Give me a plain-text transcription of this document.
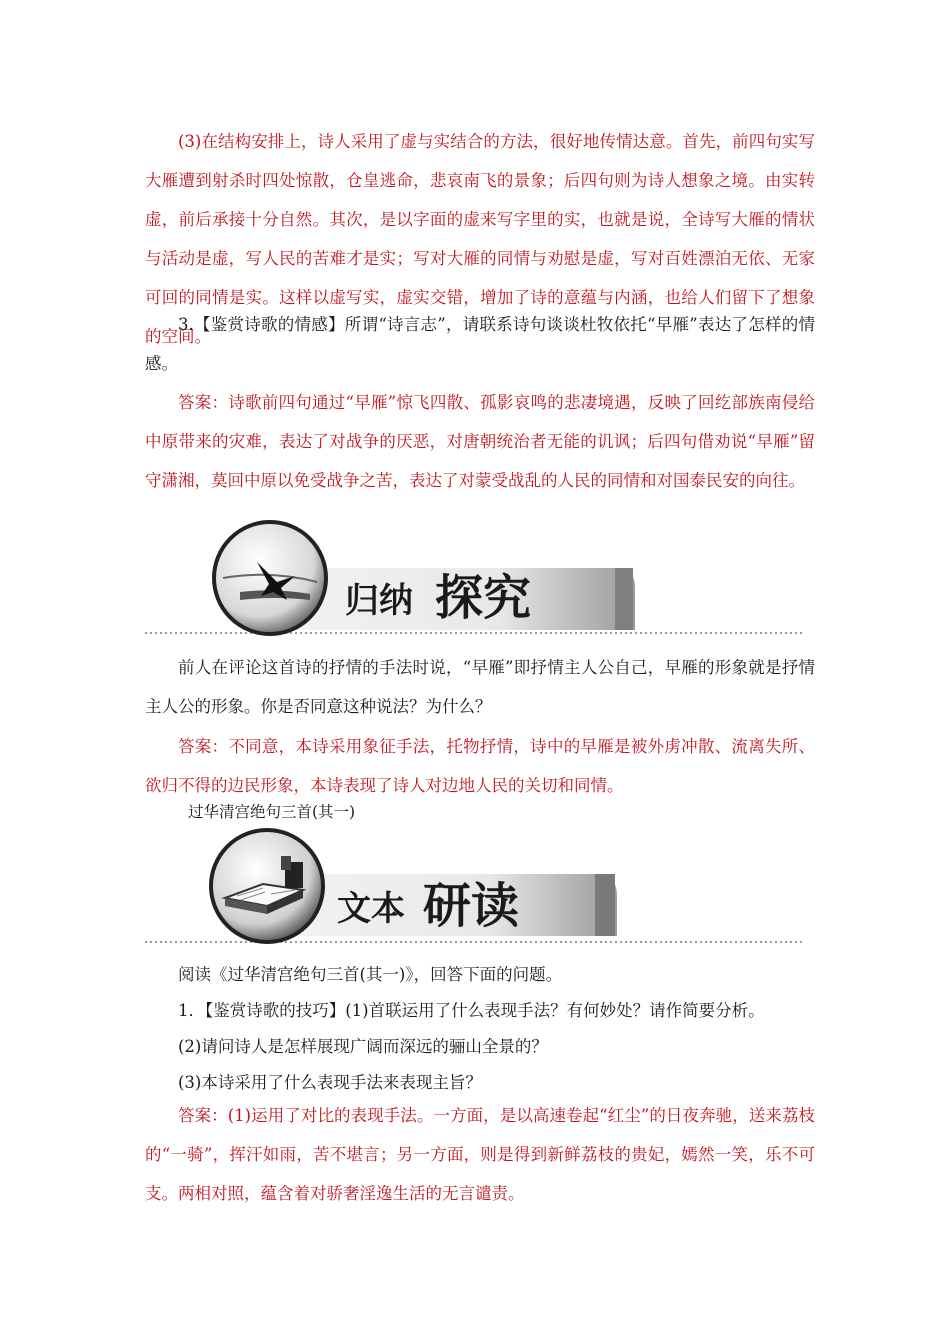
(3)在结构安排上，诗人采用了虚与实结合的方法，很好地传情达意。首先，前四句实写大雁遭到射杀时四处惊散，仓皇逃命，悲哀南飞的景象；后四句则为诗人想象之境。由实转虚，前后承接十分自然。其次，是以字面的虚来写字里的实，也就是说，全诗写大雁的情状与活动是虚，写人民的苦难才是实；写对大雁的同情与劝慰是虚，写对百姓漂泊无依、无家可回的同情是实。这样以虚写实，虚实交错，增加了诗的意蕴与内涵，也给人们留下了想象的空间。

3.【鉴赏诗歌的情感】所谓“诗言志”，请联系诗句谈谈杜牧依托“早雁”表达了怎样的情感。

答案：诗歌前四句通过“早雁”惊飞四散、孤影哀鸣的悲凄境遇，反映了回纥部族南侵给中原带来的灾难，表达了对战争的厌恶，对唐朝统治者无能的讥讽；后四句借劝说“早雁”留守潇湘，莫回中原以免受战争之苦，表达了对蒙受战乱的人民的同情和对国泰民安的向往。

归纳 探究

前人在评论这首诗的抒情的手法时说，“早雁”即抒情主人公自己，早雁的形象就是抒情主人公的形象。你是否同意这种说法？为什么？

答案：不同意，本诗采用象征手法，托物抒情，诗中的早雁是被外虏冲散、流离失所、欲归不得的边民形象，本诗表现了诗人对边地人民的关切和同情。

过华清宫绝句三首(其一)

文本 研读

阅读《过华清宫绝句三首(其一)》，回答下面的问题。

1．【鉴赏诗歌的技巧】(1)首联运用了什么表现手法？有何妙处？请作简要分析。

(2)请问诗人是怎样展现广阔而深远的骊山全景的？

(3)本诗采用了什么表现手法来表现主旨？

答案：(1)运用了对比的表现手法。一方面，是以高速卷起“红尘”的日夜奔驰，送来荔枝的“一骑”，挥汗如雨，苦不堪言；另一方面，则是得到新鲜荔枝的贵妃，嫣然一笑，乐不可支。两相对照，蕴含着对骄奢淫逸生活的无言谴责。
